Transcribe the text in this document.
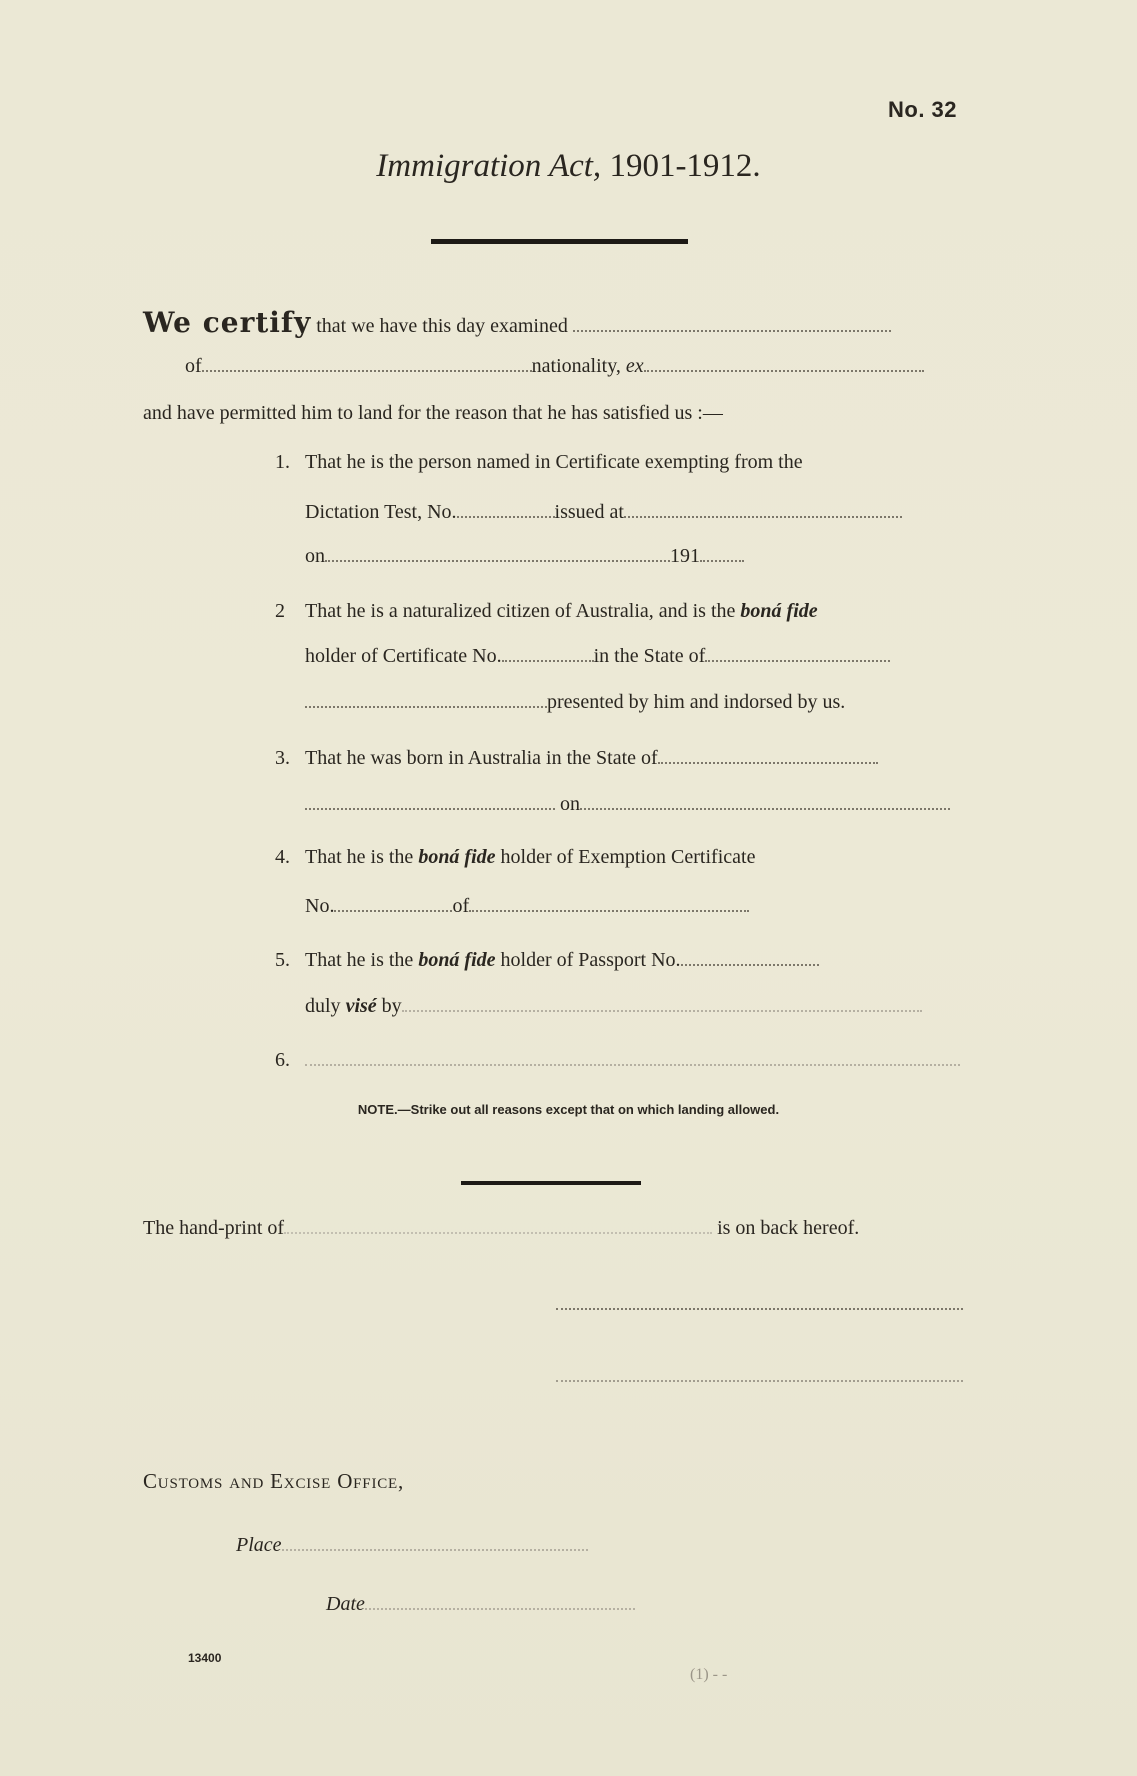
No. 32
Immigration Act, 1901-1912.
We certify that we have this day examined
of	nationality, ex
and have permitted him to land for the reason that he has satisfied us :—
1. That he is the person named in Certificate exempting from the
Dictation Test, No.	issued at
on	191
2 That he is a naturalized citizen of Australia, and is the boná fide
holder of Certificate No.	in the State of
presented by him and indorsed by us.
3. That he was born in Australia in the State of
on
4. That he is the boná fide holder of Exemption Certificate
No.	of
5. That he is the boná fide holder of Passport No.
duly visé by
6.
NOTE.—Strike out all reasons except that on which landing allowed.
The hand-print of	is on back hereof.
Customs and Excise Office,
Place
Date
13400
(1) - -
